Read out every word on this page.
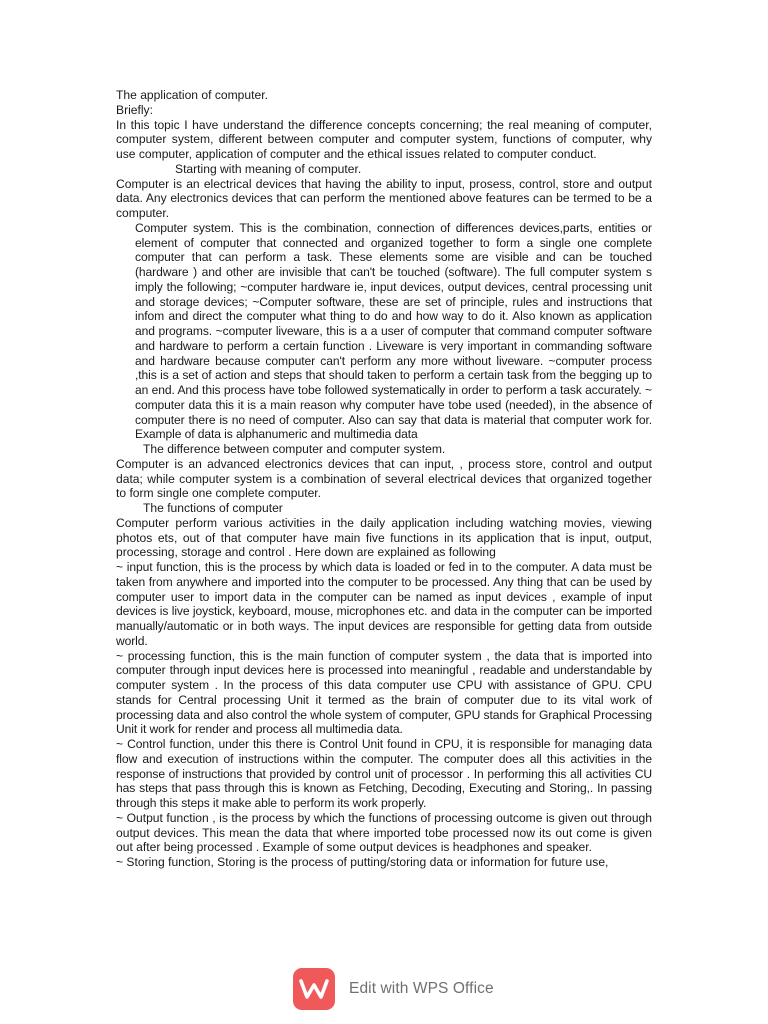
The application of computer.

Briefly:

In this topic I have understand the difference concepts concerning; the real meaning of computer, computer system, different between computer and computer system, functions of computer, why use computer, application of computer and the ethical issues related to computer conduct.

Starting with meaning of computer.

Computer is an electrical devices that having the ability to input, prosess, control, store and output data. Any electronics devices that can perform the mentioned above features can be termed to be a computer.

Computer system. This is the combination, connection of differences devices,parts, entities or element of computer that connected and organized together to form a single one complete computer that can perform a task. These elements some are visible and can be touched (hardware ) and other are invisible that can't be touched (software). The full computer system s imply the following; ~computer hardware ie, input devices, output devices, central processing unit and storage devices; ~Computer software, these are set of principle, rules and instructions that infom and direct the computer what thing to do and how way to do it. Also known as application and programs. ~computer liveware, this is a a user of computer that command computer software and hardware to perform a certain function . Liveware is very important in commanding software and hardware because computer can't perform any more without liveware. ~computer process ,this is a set of action and steps that should taken to perform a certain task from the begging up to an end. And this process have tobe followed systematically in order to perform a task accurately. ~ computer data this it is a main reason why computer have tobe used (needed), in the absence of computer there is no need of computer. Also can say that data is material that computer work for. Example of data is alphanumeric and multimedia data

The difference between computer and computer system.

Computer is an advanced electronics devices that can input, , process store, control and output data; while computer system is a combination of several electrical devices that organized together to form single one complete computer.

The functions of computer

Computer perform various activities in the daily application including watching movies, viewing photos ets, out of that computer have main five functions in its application that is input, output, processing, storage and control . Here down are explained as following

~ input function, this is the process by which data is loaded or fed in to the computer. A data must be taken from anywhere and imported into the computer to be processed. Any thing that can be used by computer user to import data in the computer can be named as input devices , example of input devices is live joystick, keyboard, mouse, microphones etc. and data in the computer can be imported manually/automatic or in both ways. The input devices are responsible for getting data from outside world.

~ processing function, this is the main function of computer system , the data that is imported into computer through input devices here is processed into meaningful , readable and understandable by computer system . In the process of this data computer use CPU with assistance of GPU. CPU stands for Central processing Unit it termed as the brain of computer due to its vital work of processing data and also control the whole system of computer, GPU stands for Graphical Processing Unit it work for render and process all multimedia data.

~ Control function, under this there is Control Unit found in CPU, it is responsible for managing data flow and execution of instructions within the computer. The computer does all this activities in the response of instructions that provided by control unit of processor . In performing this all activities CU has steps that pass through this is known as Fetching, Decoding, Executing and Storing,. In passing through this steps it make able to perform its work properly.

~ Output function , is the process by which the functions of processing outcome is given out through output devices. This mean the data that where imported tobe processed now its out come is given out after being processed . Example of some output devices is headphones and speaker.

~ Storing function, Storing is the process of putting/storing data or information for future use,

Edit with WPS Office
